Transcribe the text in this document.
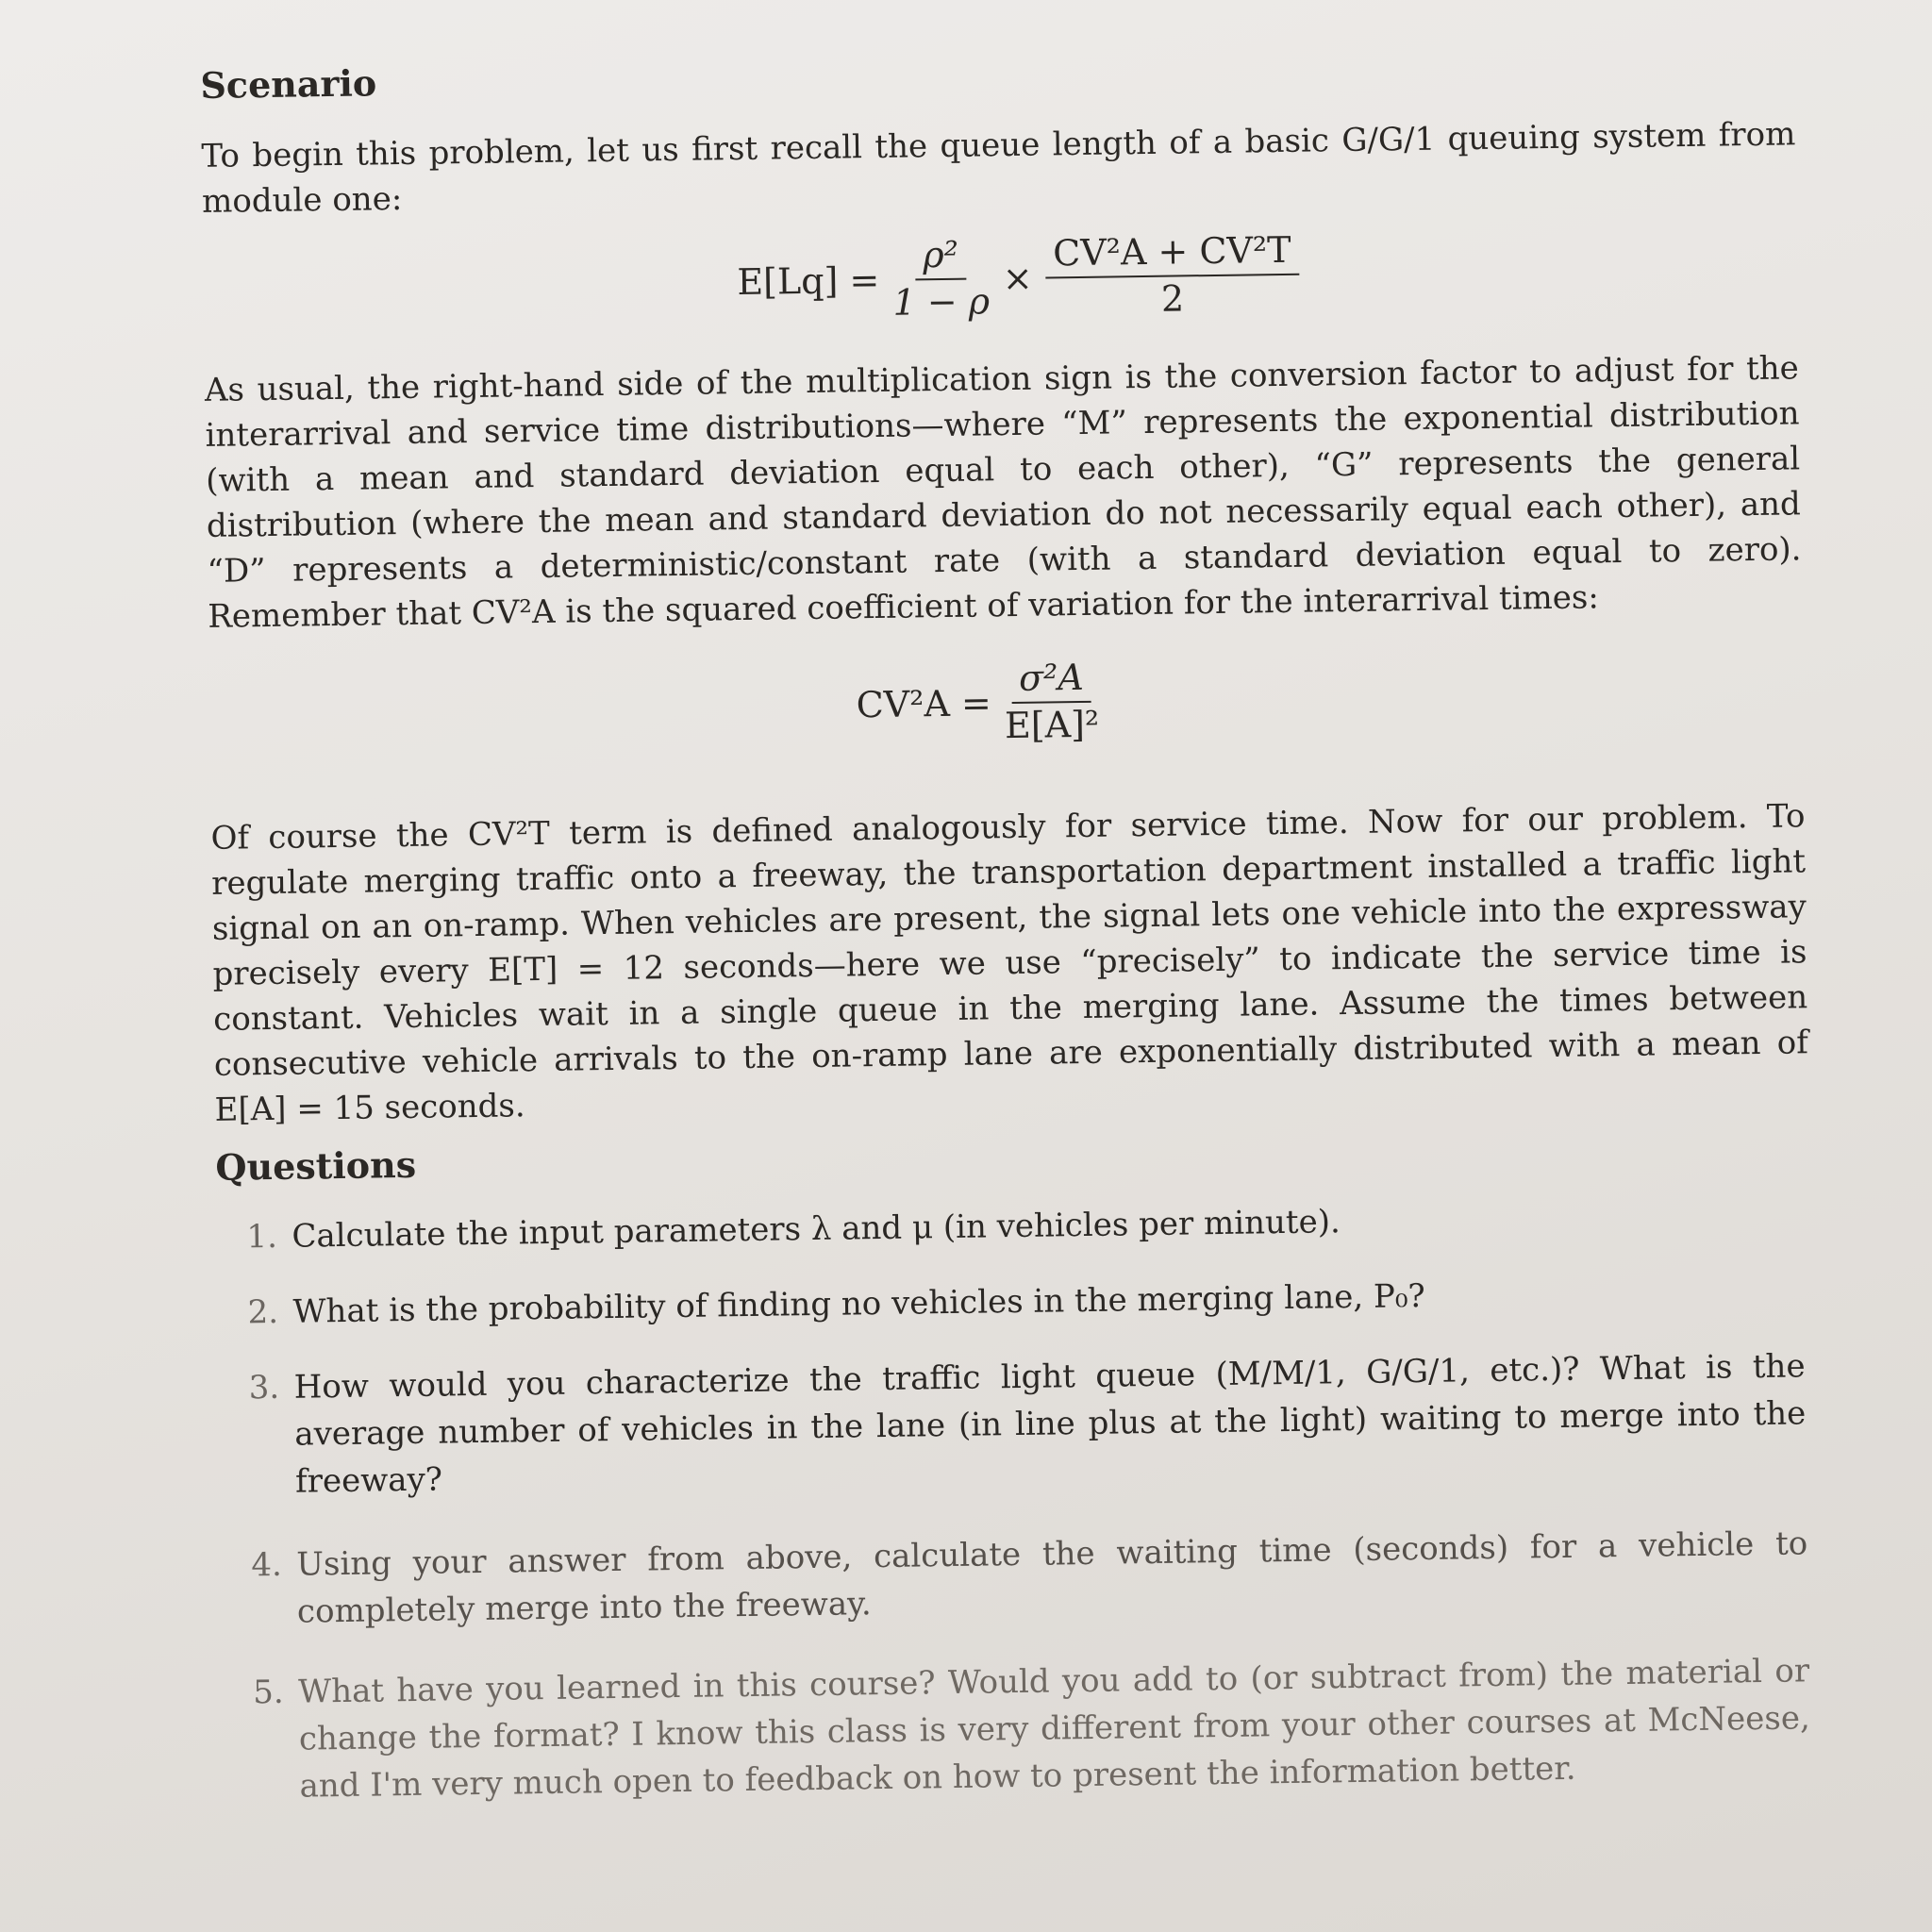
Scenario

To begin this problem, let us first recall the queue length of a basic G/G/1 queuing system from module one:

$E[Lq] = \frac{\text{ρ²}}{1 - \rho} \times \frac{\text{CV²A + CV²T}}{2}$

As usual, the right-hand side of the multiplication sign is the conversion factor to adjust for the interarrival and service time distributions—where “M” represents the exponential distribution (with a mean and standard deviation equal to each other), “G” represents the general distribution (where the mean and standard deviation do not necessarily equal each other), and “D” represents a deterministic/constant rate (with a standard deviation equal to zero). Remember that CV²A is the squared coefficient of variation for the interarrival times:

$CV^2A = \frac{\text{σ²A}}{\text{E[A]²}}$

Of course the CV²T term is defined analogously for service time. Now for our problem. To regulate merging traffic onto a freeway, the transportation department installed a traffic light signal on an on-ramp. When vehicles are present, the signal lets one vehicle into the expressway precisely every E[T] = 12 seconds—here we use “precisely” to indicate the service time is constant. Vehicles wait in a single queue in the merging lane. Assume the times between consecutive vehicle arrivals to the on-ramp lane are exponentially distributed with a mean of E[A] = 15 seconds.

Questions
1. Calculate the input parameters λ and μ (in vehicles per minute).
2. What is the probability of finding no vehicles in the merging lane, P₀?
3. How would you characterize the traffic light queue (M/M/1, G/G/1, etc.)? What is the average number of vehicles in the lane (in line plus at the light) waiting to merge into the freeway?
4. Using your answer from above, calculate the waiting time (seconds) for a vehicle to completely merge into the freeway.
5. What have you learned in this course? Would you add to (or subtract from) the material or change the format? I know this class is very different from your other courses at McNeese, and I'm very much open to feedback on how to present the information better.
